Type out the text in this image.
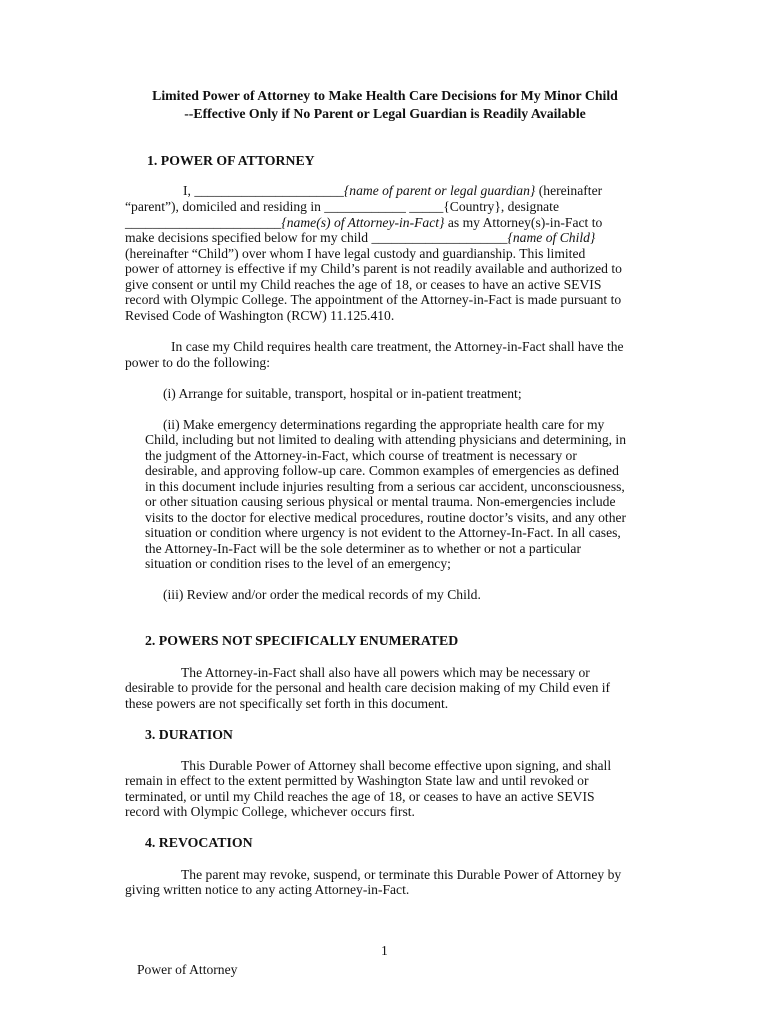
Limited Power of Attorney to Make Health Care Decisions for My Minor Child
--Effective Only if No Parent or Legal Guardian is Readily Available
1. POWER OF ATTORNEY
I, ______________________{name of parent or legal guardian} (hereinafter
“parent”), domiciled and residing in ____________ _____{Country}, designate
_______________________{name(s) of Attorney-in-Fact} as my Attorney(s)-in-Fact to
make decisions specified below for my child ____________________{name of Child}
(hereinafter “Child”) over whom I have legal custody and guardianship. This limited
power of attorney is effective if my Child’s parent is not readily available and authorized to
give consent or until my Child reaches the age of 18, or ceases to have an active SEVIS
record with Olympic College. The appointment of the Attorney-in-Fact is made pursuant to
Revised Code of Washington (RCW) 11.125.410.
In case my Child requires health care treatment, the Attorney-in-Fact shall have the
power to do the following:
(i) Arrange for suitable, transport, hospital or in-patient treatment;
(ii) Make emergency determinations regarding the appropriate health care for my
Child, including but not limited to dealing with attending physicians and determining, in
the judgment of the Attorney-in-Fact, which course of treatment is necessary or
desirable, and approving follow-up care. Common examples of emergencies as defined
in this document include injuries resulting from a serious car accident, unconsciousness,
or other situation causing serious physical or mental trauma. Non-emergencies include
visits to the doctor for elective medical procedures, routine doctor’s visits, and any other
situation or condition where urgency is not evident to the Attorney-In-Fact. In all cases,
the Attorney-In-Fact will be the sole determiner as to whether or not a particular
situation or condition rises to the level of an emergency;
(iii) Review and/or order the medical records of my Child.
2. POWERS NOT SPECIFICALLY ENUMERATED
The Attorney-in-Fact shall also have all powers which may be necessary or
desirable to provide for the personal and health care decision making of my Child even if
these powers are not specifically set forth in this document.
3. DURATION
This Durable Power of Attorney shall become effective upon signing, and shall
remain in effect to the extent permitted by Washington State law and until revoked or
terminated, or until my Child reaches the age of 18, or ceases to have an active SEVIS
record with Olympic College, whichever occurs first.
4. REVOCATION
The parent may revoke, suspend, or terminate this Durable Power of Attorney by
giving written notice to any acting Attorney-in-Fact.
1
Power of Attorney
